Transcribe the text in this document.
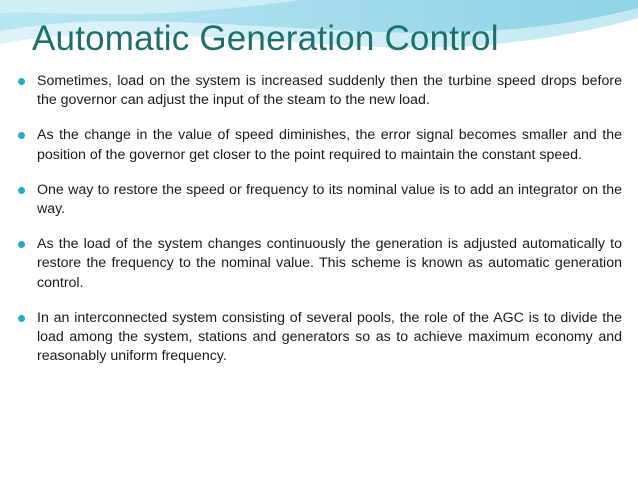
Automatic Generation Control
Sometimes, load on the system is increased suddenly then the turbine speed drops before the governor can adjust the input of the steam to the new load.
As the change in the value of speed diminishes, the error signal becomes smaller and the position of the governor get closer to the point required to maintain the constant speed.
One way to restore the speed or frequency to its nominal value is to add an integrator on the way.
As the load of the system changes continuously the generation is adjusted automatically to restore the frequency to the nominal value. This scheme is known as automatic generation control.
In an interconnected system consisting of several pools, the role of the AGC is to divide the load among the system, stations and generators so as to achieve maximum economy and reasonably uniform frequency.
